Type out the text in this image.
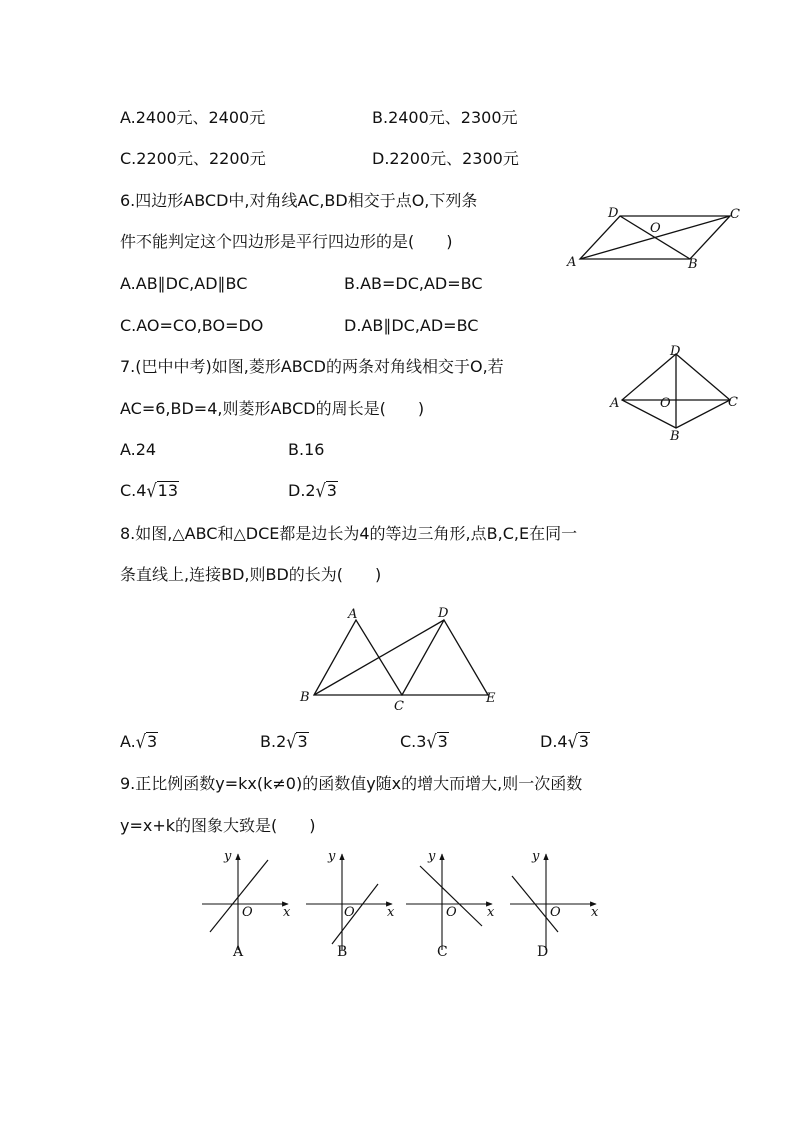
A.2400元、2400元	B.2400元、2300元
C.2200元、2200元	D.2200元、2300元
6.四边形ABCD中,对角线AC,BD相交于点O,下列条
件不能判定这个四边形是平行四边形的是(　　)
A.AB∥DC,AD∥BC	B.AB=DC,AD=BC
C.AO=CO,BO=DO	D.AB∥DC,AD=BC
A	B
C
D
O
7.(巴中中考)如图,菱形ABCD的两条对角线相交于O,若
AC=6,BD=4,则菱形ABCD的周长是(　　)
A.24	B.16
C.4√13	D.2√3
A
B
C
D
O
8.如图,△ABC和△DCE都是边长为4的等边三角形,点B,C,E在同一
条直线上,连接BD,则BD的长为(　　)
A
B
C
D
E
A.√3	B.2√3	C.3√3	D.4√3
9.正比例函数y=kx(k≠0)的函数值y随x的增大而增大,则一次函数
y=x+k的图象大致是(　　)
y
x
O
A
y
x
O
B
y
x
O
C
y
x
O
D
